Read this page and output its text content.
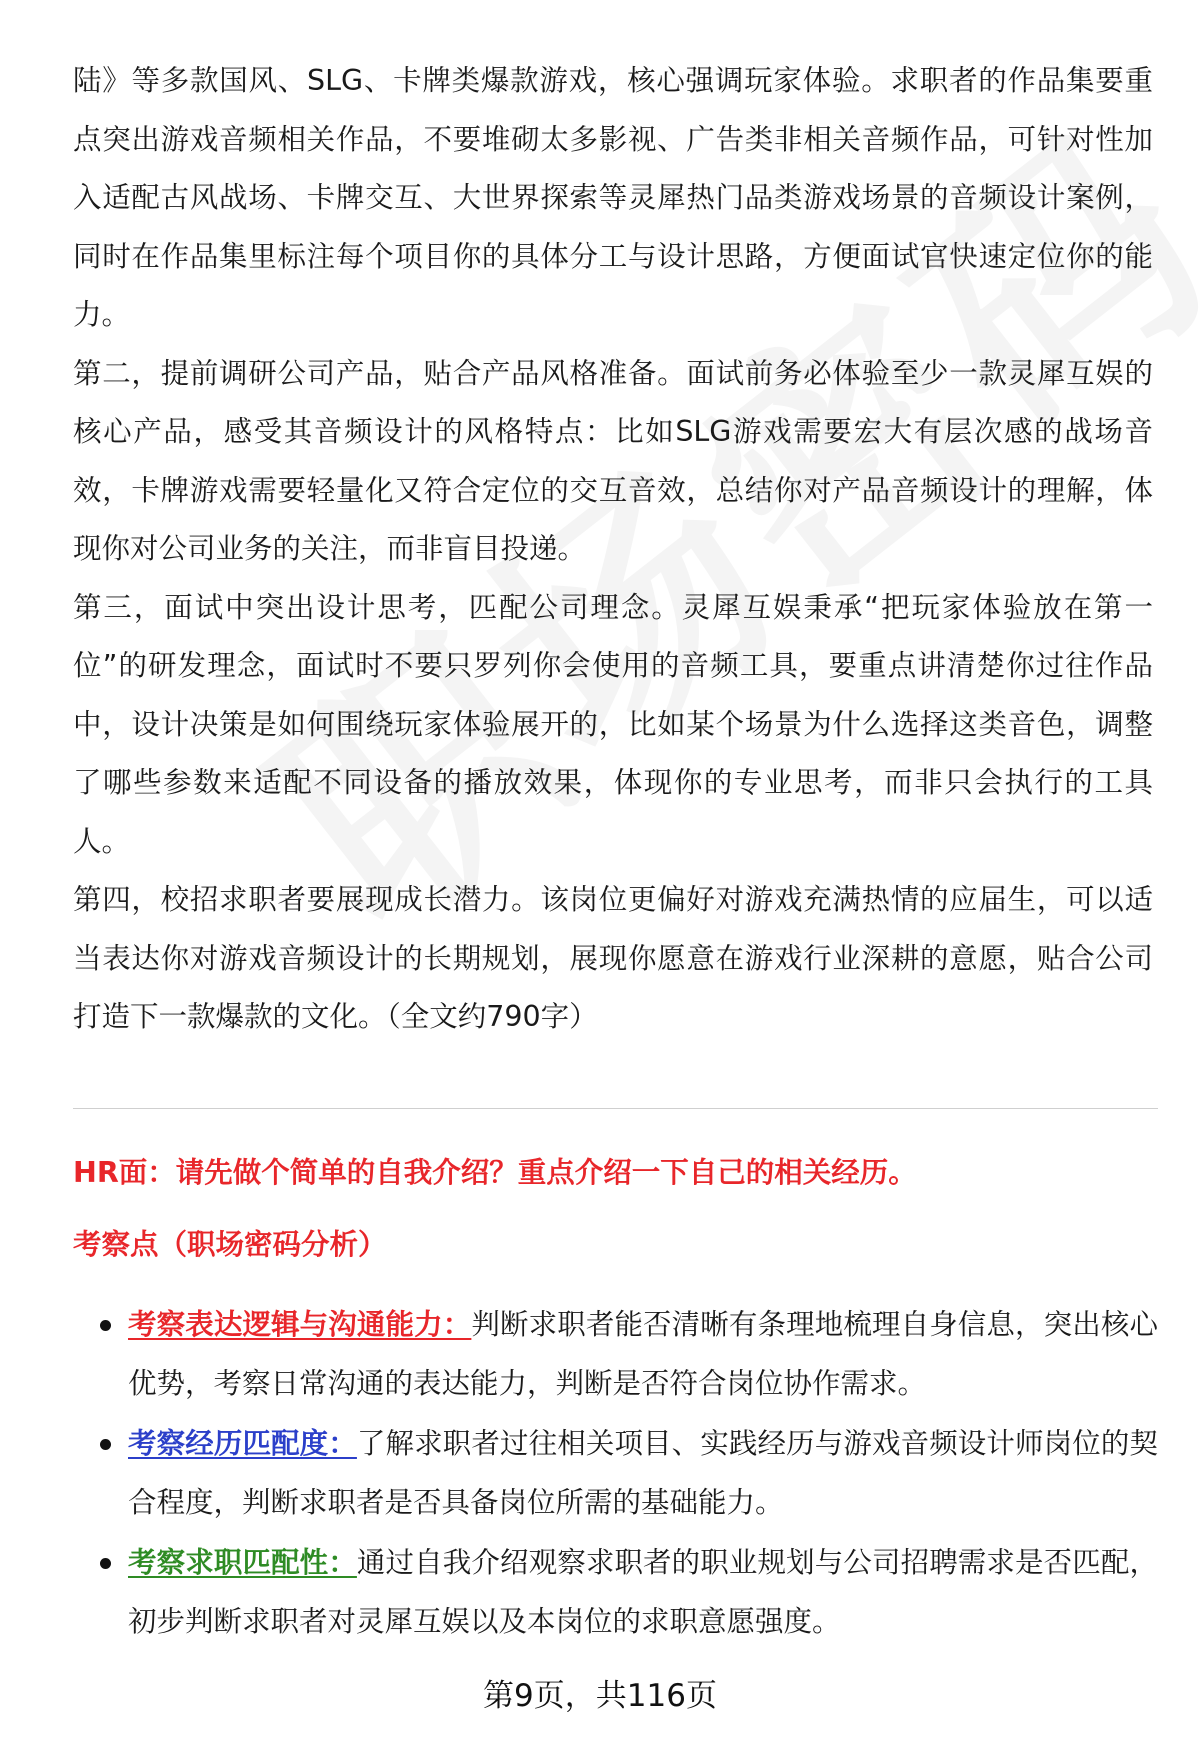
陆》等多款国风、SLG、卡牌类爆款游戏，核心强调玩家体验。求职者的作品集要重点突出游戏音频相关作品，不要堆砌太多影视、广告类非相关音频作品，可针对性加入适配古风战场、卡牌交互、大世界探索等灵犀热门品类游戏场景的音频设计案例，同时在作品集里标注每个项目你的具体分工与设计思路，方便面试官快速定位你的能力。

第二，提前调研公司产品，贴合产品风格准备。面试前务必体验至少一款灵犀互娱的核心产品，感受其音频设计的风格特点：比如SLG游戏需要宏大有层次感的战场音效，卡牌游戏需要轻量化又符合定位的交互音效，总结你对产品音频设计的理解，体现你对公司业务的关注，而非盲目投递。

第三，面试中突出设计思考，匹配公司理念。灵犀互娱秉承“把玩家体验放在第一位”的研发理念，面试时不要只罗列你会使用的音频工具，要重点讲清楚你过往作品中，设计决策是如何围绕玩家体验展开的，比如某个场景为什么选择这类音色，调整了哪些参数来适配不同设备的播放效果，体现你的专业思考，而非只会执行的工具人。

第四，校招求职者要展现成长潜力。该岗位更偏好对游戏充满热情的应届生，可以适当表达你对游戏音频设计的长期规划，展现你愿意在游戏行业深耕的意愿，贴合公司打造下一款爆款的文化。（全文约790字）

HR面：请先做个简单的自我介绍？重点介绍一下自己的相关经历。
考察点（职场密码分析）
考察表达逻辑与沟通能力：判断求职者能否清晰有条理地梳理自身信息，突出核心优势，考察日常沟通的表达能力，判断是否符合岗位协作需求。
考察经历匹配度：了解求职者过往相关项目、实践经历与游戏音频设计师岗位的契合程度，判断求职者是否具备岗位所需的基础能力。
考察求职匹配性：通过自我介绍观察求职者的职业规划与公司招聘需求是否匹配，初步判断求职者对灵犀互娱以及本岗位的求职意愿强度。
第9页，共116页
